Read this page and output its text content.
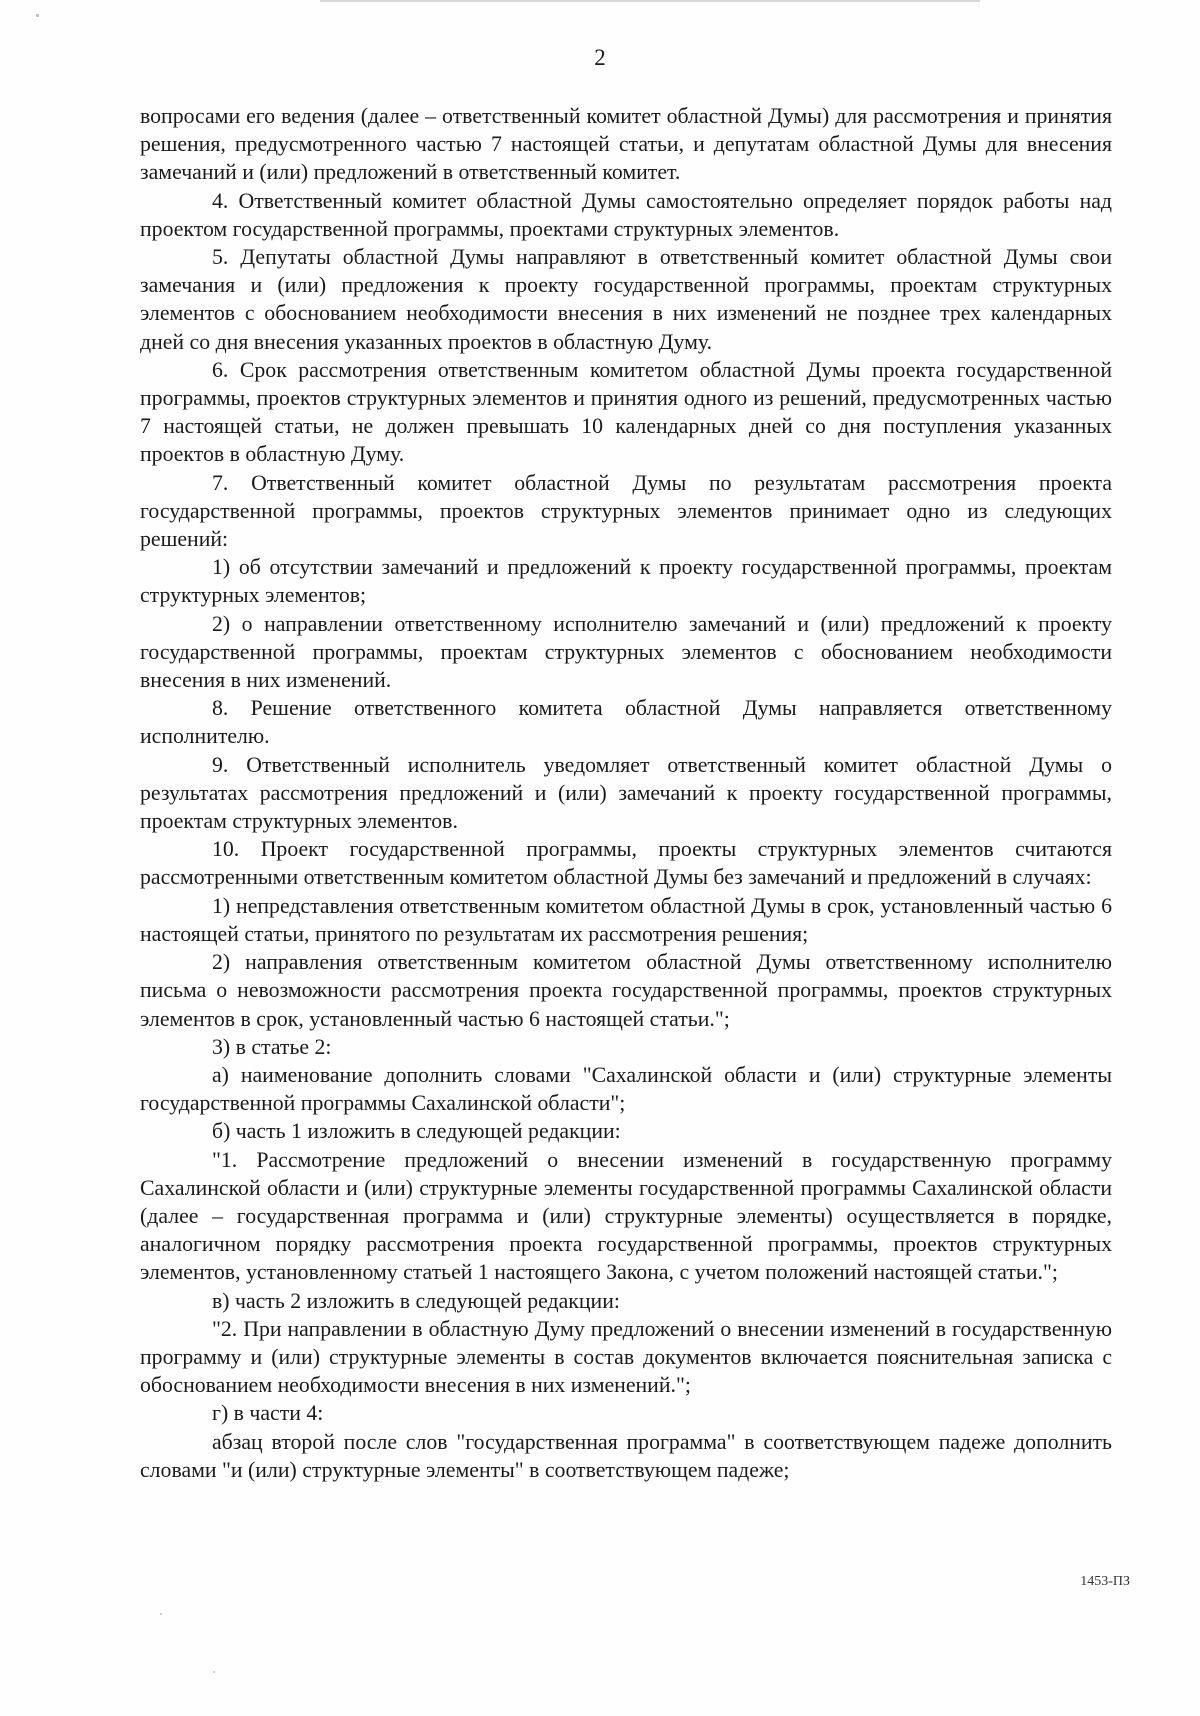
2

вопросами его ведения (далее – ответственный комитет областной Думы) для рассмотрения и принятия решения, предусмотренного частью 7 настоящей статьи, и депутатам областной Думы для внесения замечаний и (или) предложений в ответственный комитет.

4. Ответственный комитет областной Думы самостоятельно определяет порядок работы над проектом государственной программы, проектами структурных элементов.

5. Депутаты областной Думы направляют в ответственный комитет областной Думы свои замечания и (или) предложения к проекту государственной программы, проектам структурных элементов с обоснованием необходимости внесения в них изменений не позднее трех календарных дней со дня внесения указанных проектов в областную Думу.

6. Срок рассмотрения ответственным комитетом областной Думы проекта государственной программы, проектов структурных элементов и принятия одного из решений, предусмотренных частью 7 настоящей статьи, не должен превышать 10 календарных дней со дня поступления указанных проектов в областную Думу.

7. Ответственный комитет областной Думы по результатам рассмотрения проекта государственной программы, проектов структурных элементов принимает одно из следующих решений:

1) об отсутствии замечаний и предложений к проекту государственной программы, проектам структурных элементов;

2) о направлении ответственному исполнителю замечаний и (или) предложений к проекту государственной программы, проектам структурных элементов с обоснованием необходимости внесения в них изменений.

8. Решение ответственного комитета областной Думы направляется ответственному исполнителю.

9. Ответственный исполнитель уведомляет ответственный комитет областной Думы о результатах рассмотрения предложений и (или) замечаний к проекту государственной программы, проектам структурных элементов.

10. Проект государственной программы, проекты структурных элементов считаются рассмотренными ответственным комитетом областной Думы без замечаний и предложений в случаях:

1) непредставления ответственным комитетом областной Думы в срок, установленный частью 6 настоящей статьи, принятого по результатам их рассмотрения решения;

2) направления ответственным комитетом областной Думы ответственному исполнителю письма о невозможности рассмотрения проекта государственной программы, проектов структурных элементов в срок, установленный частью 6 настоящей статьи.";

3) в статье 2:

а) наименование дополнить словами "Сахалинской области и (или) структурные элементы государственной программы Сахалинской области";

б) часть 1 изложить в следующей редакции:

"1. Рассмотрение предложений о внесении изменений в государственную программу Сахалинской области и (или) структурные элементы государственной программы Сахалинской области (далее – государственная программа и (или) структурные элементы) осуществляется в порядке, аналогичном порядку рассмотрения проекта государственной программы, проектов структурных элементов, установленному статьей 1 настоящего Закона, с учетом положений настоящей статьи.";

в) часть 2 изложить в следующей редакции:

"2. При направлении в областную Думу предложений о внесении изменений в государственную программу и (или) структурные элементы в состав документов включается пояснительная записка с обоснованием необходимости внесения в них изменений.";

г) в части 4:

абзац второй после слов "государственная программа" в соответствующем падеже дополнить словами "и (или) структурные элементы" в соответствующем падеже;

1453-ПЗ
